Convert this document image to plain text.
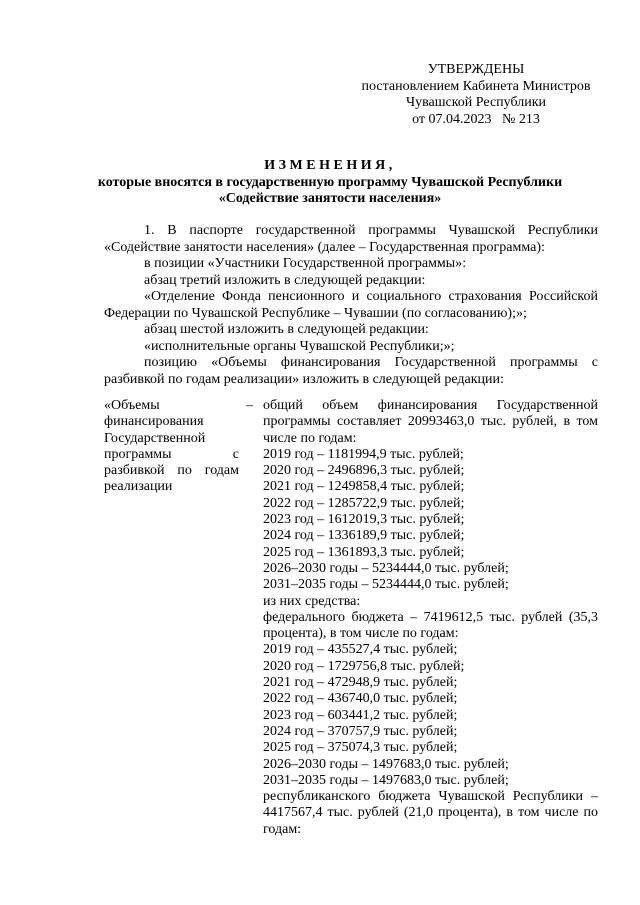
УТВЕРЖДЕНЫ
постановлением Кабинета Министров
Чувашской Республики
от 07.04.2023   № 213
ИЗМЕНЕНИЯ,
которые вносятся в государственную программу Чувашской Республики
«Содействие занятости населения»

1. В паспорте государственной программы Чувашской Республики «Содействие занятости населения» (далее – Государственная программа):

в позиции «Участники Государственной программы»:

абзац третий изложить в следующей редакции:

«Отделение Фонда пенсионного и социального страхования Российской Федерации по Чувашской Республике – Чувашии (по согласованию);»;

абзац шестой изложить в следующей редакции:

«исполнительные органы Чувашской Республики;»;

позицию «Объемы финансирования Государственной программы с разбивкой по годам реализации» изложить в следующей редакции:

«Объемы финансирования Государственной программы с разбивкой по годам реализации
– общий объем финансирования Государственной программы составляет 20993463,0 тыс. рублей, в том числе по годам:
2019 год – 1181994,9 тыс. рублей;
2020 год – 2496896,3 тыс. рублей;
2021 год – 1249858,4 тыс. рублей;
2022 год – 1285722,9 тыс. рублей;
2023 год – 1612019,3 тыс. рублей;
2024 год – 1336189,9 тыс. рублей;
2025 год – 1361893,3 тыс. рублей;
2026–2030 годы – 5234444,0 тыс. рублей;
2031–2035 годы – 5234444,0 тыс. рублей;
из них средства:
федерального бюджета – 7419612,5 тыс. рублей (35,3 процента), в том числе по годам:
2019 год – 435527,4 тыс. рублей;
2020 год – 1729756,8 тыс. рублей;
2021 год – 472948,9 тыс. рублей;
2022 год – 436740,0 тыс. рублей;
2023 год – 603441,2 тыс. рублей;
2024 год – 370757,9 тыс. рублей;
2025 год – 375074,3 тыс. рублей;
2026–2030 годы – 1497683,0 тыс. рублей;
2031–2035 годы – 1497683,0 тыс. рублей;
республиканского бюджета Чувашской Республики – 4417567,4 тыс. рублей (21,0 процента), в том числе по годам:
